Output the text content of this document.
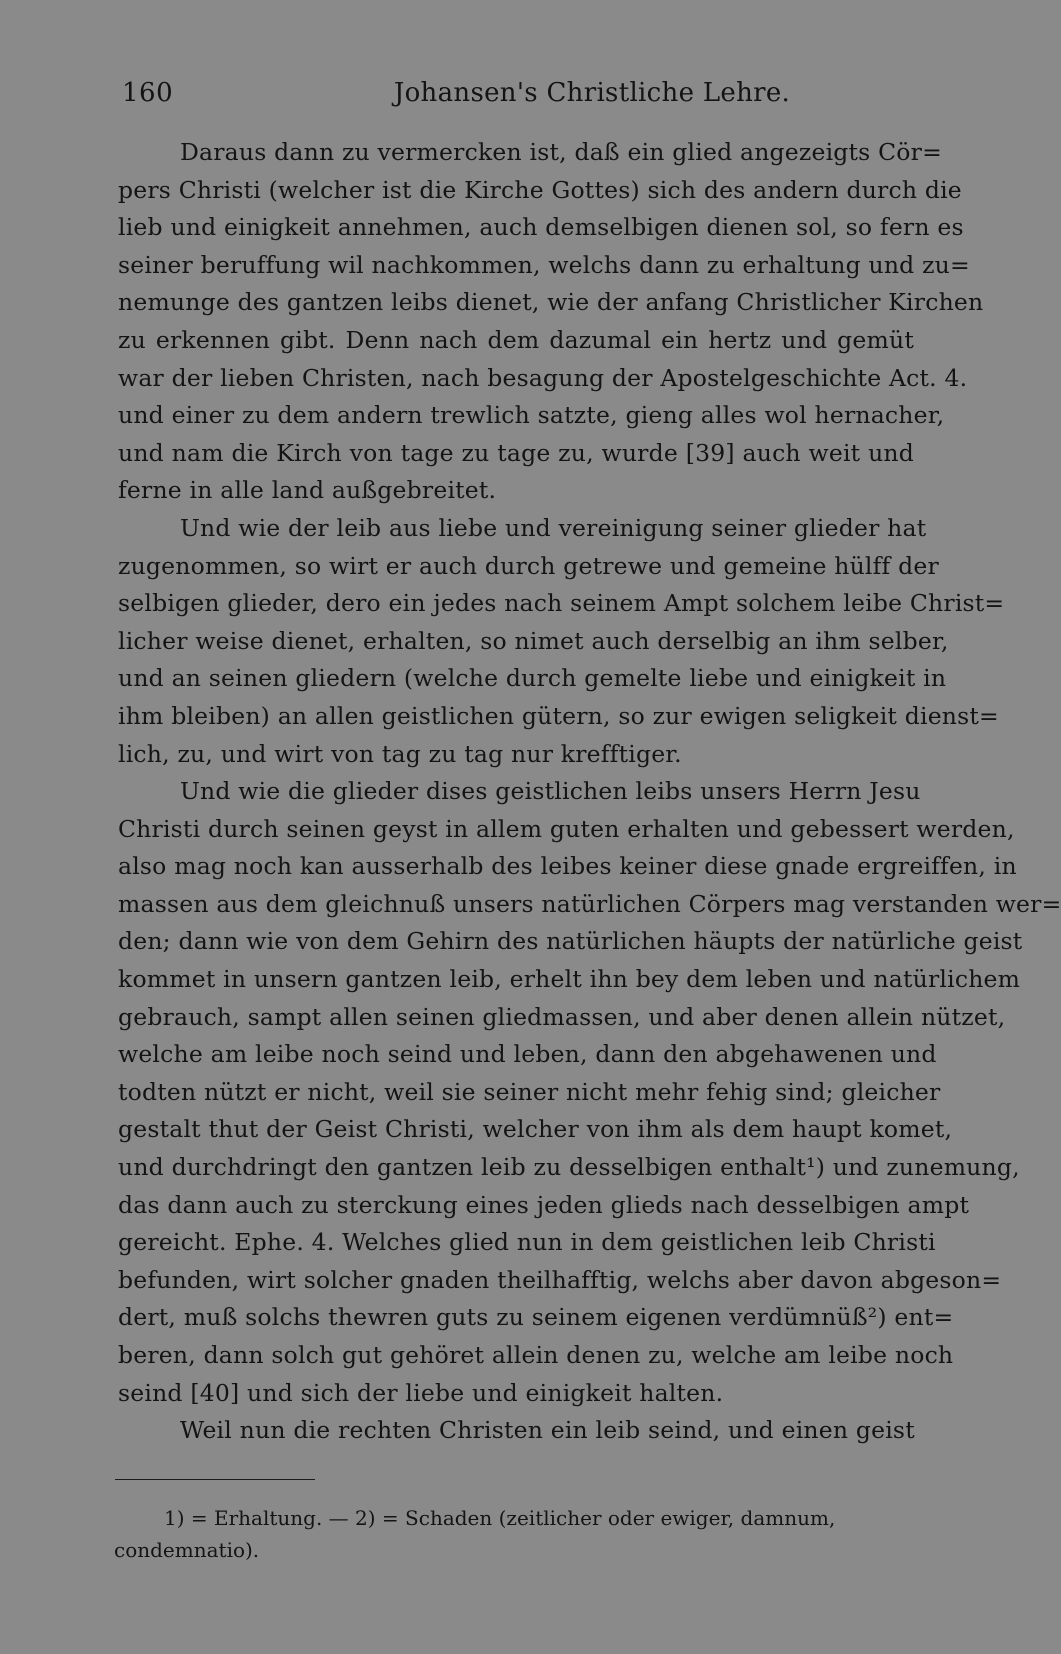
160	Johansen's Christliche Lehre.
Daraus dann zu vermercken ist, daß ein glied angezeigts Cör=
pers Christi (welcher ist die Kirche Gottes) sich des andern durch die
lieb und einigkeit annehmen, auch demselbigen dienen sol, so fern es
seiner beruffung wil nachkommen, welchs dann zu erhaltung und zu=
nemunge des gantzen leibs dienet, wie der anfang Christlicher Kirchen
zu erkennen gibt. Denn nach dem dazumal ein hertz und gemüt
war der lieben Christen, nach besagung der Apostelgeschichte Act. 4.
und einer zu dem andern trewlich satzte, gieng alles wol hernacher,
und nam die Kirch von tage zu tage zu, wurde [39] auch weit und
ferne in alle land außgebreitet.
Und wie der leib aus liebe und vereinigung seiner glieder hat
zugenommen, so wirt er auch durch getrewe und gemeine hülff der
selbigen glieder, dero ein jedes nach seinem Ampt solchem leibe Christ=
licher weise dienet, erhalten, so nimet auch derselbig an ihm selber,
und an seinen gliedern (welche durch gemelte liebe und einigkeit in
ihm bleiben) an allen geistlichen gütern, so zur ewigen seligkeit dienst=
lich, zu, und wirt von tag zu tag nur krefftiger.
Und wie die glieder dises geistlichen leibs unsers Herrn Jesu
Christi durch seinen geyst in allem guten erhalten und gebessert werden,
also mag noch kan ausserhalb des leibes keiner diese gnade ergreiffen, in
massen aus dem gleichnuß unsers natürlichen Cörpers mag verstanden wer=
den; dann wie von dem Gehirn des natürlichen häupts der natürliche geist
kommet in unsern gantzen leib, erhelt ihn bey dem leben und natürlichem
gebrauch, sampt allen seinen gliedmassen, und aber denen allein nützet,
welche am leibe noch seind und leben, dann den abgehawenen und
todten nützt er nicht, weil sie seiner nicht mehr fehig sind; gleicher
gestalt thut der Geist Christi, welcher von ihm als dem haupt komet,
und durchdringt den gantzen leib zu desselbigen enthalt¹) und zunemung,
das dann auch zu sterckung eines jeden glieds nach desselbigen ampt
gereicht. Ephe. 4. Welches glied nun in dem geistlichen leib Christi
befunden, wirt solcher gnaden theilhafftig, welchs aber davon abgeson=
dert, muß solchs thewren guts zu seinem eigenen verdümnüß²) ent=
beren, dann solch gut gehöret allein denen zu, welche am leibe noch
seind [40] und sich der liebe und einigkeit halten.
Weil nun die rechten Christen ein leib seind, und einen geist
1) = Erhaltung. — 2) = Schaden (zeitlicher oder ewiger, damnum,
condemnatio).
